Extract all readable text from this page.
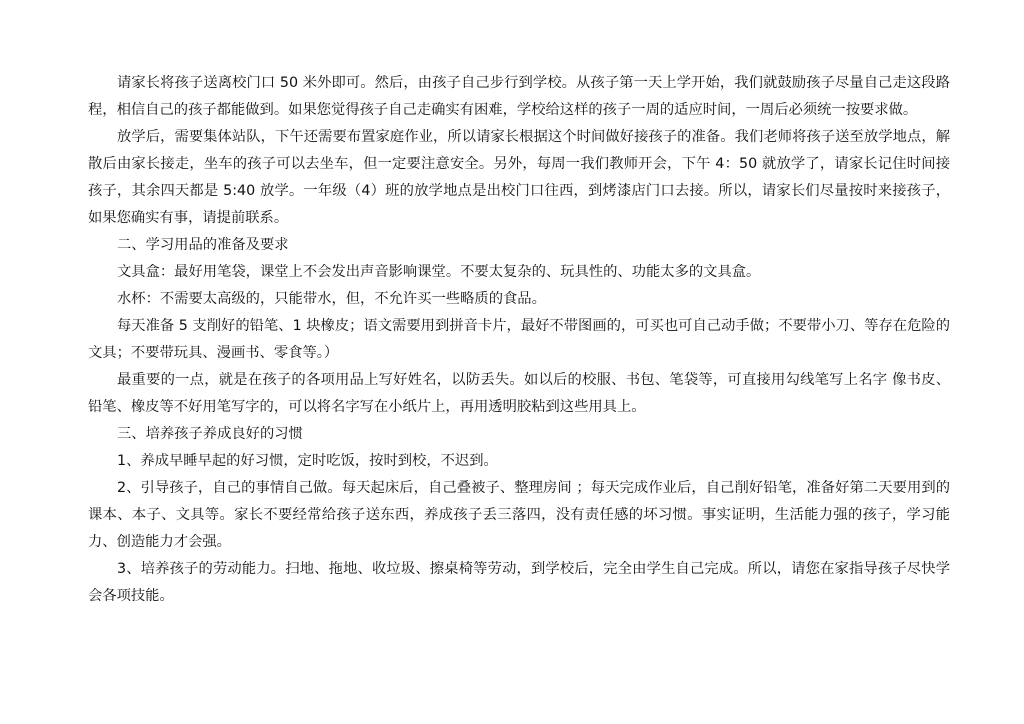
请家长将孩子送离校门口 50 米外即可。然后，由孩子自己步行到学校。从孩子第一天上学开始，我们就鼓励孩子尽量自己走这段路程，相信自己的孩子都能做到。如果您觉得孩子自己走确实有困难，学校给这样的孩子一周的适应时间，一周后必须统一按要求做。

放学后，需要集体站队，下午还需要布置家庭作业，所以请家长根据这个时间做好接孩子的准备。我们老师将孩子送至放学地点，解散后由家长接走，坐车的孩子可以去坐车，但一定要注意安全。另外，每周一我们教师开会，下午 4：50 就放学了，请家长记住时间接孩子，其余四天都是 5:40 放学。一年级（4）班的放学地点是出校门口往西，到烤漆店门口去接。所以，请家长们尽量按时来接孩子，如果您确实有事，请提前联系。

二、学习用品的准备及要求

文具盒：最好用笔袋，课堂上不会发出声音影响课堂。不要太复杂的、玩具性的、功能太多的文具盒。

水杯：不需要太高级的，只能带水，但，不允许买一些略质的食品。

每天准备 5 支削好的铅笔、1 块橡皮；语文需要用到拼音卡片，最好不带图画的，可买也可自己动手做；不要带小刀、等存在危险的文具；不要带玩具、漫画书、零食等。）

最重要的一点，就是在孩子的各项用品上写好姓名，以防丢失。如以后的校服、书包、笔袋等，可直接用勾线笔写上名字 像书皮、铅笔、橡皮等不好用笔写字的，可以将名字写在小纸片上，再用透明胶粘到这些用具上。

三、培养孩子养成良好的习惯

1、养成早睡早起的好习惯，定时吃饭，按时到校，不迟到。

2、引导孩子，自己的事情自己做。每天起床后，自己叠被子、整理房间 ；每天完成作业后，自己削好铅笔，准备好第二天要用到的课本、本子、文具等。家长不要经常给孩子送东西，养成孩子丢三落四，没有责任感的坏习惯。事实证明，生活能力强的孩子，学习能力、创造能力才会强。

3、培养孩子的劳动能力。扫地、拖地、收垃圾、擦桌椅等劳动，到学校后，完全由学生自己完成。所以，请您在家指导孩子尽快学会各项技能。
